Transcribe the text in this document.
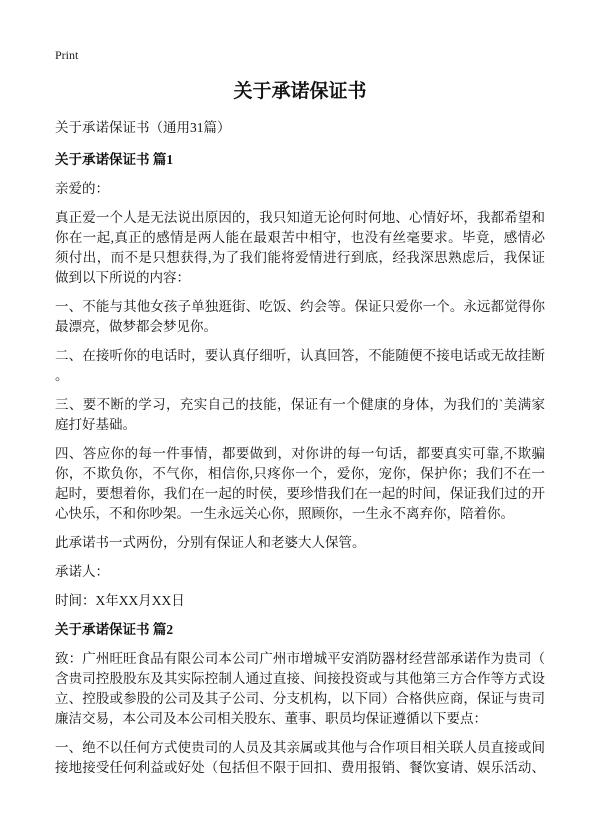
Print
关于承诺保证书
关于承诺保证书（通用31篇）
关于承诺保证书 篇1
亲爱的：
真正爱一个人是无法说出原因的，我只知道无论何时何地、心情好坏，我都希望和
你在一起,真正的感情是两人能在最艰苦中相守，也没有丝毫要求。毕竟，感情必
须付出，而不是只想获得,为了我们能将爱情进行到底，经我深思熟虑后，我保证
做到以下所说的内容：
一、不能与其他女孩子单独逛街、吃饭、约会等。保证只爱你一个。永远都觉得你
最漂亮，做梦都会梦见你。
二、在接听你的电话时，要认真仔细听，认真回答，不能随便不接电话或无故挂断
。
三、要不断的学习，充实自己的技能，保证有一个健康的身体，为我们的`美满家
庭打好基础。
四、答应你的每一件事情，都要做到，对你讲的每一句话，都要真实可靠,不欺骗
你，不欺负你，不气你，相信你,只疼你一个，爱你，宠你，保护你；我们不在一
起时，要想着你，我们在一起的时侯，要珍惜我们在一起的时间，保证我们过的开
心快乐，不和你吵架。一生永远关心你，照顾你，一生永不离弃你，陪着你。
此承诺书一式两份，分别有保证人和老婆大人保管。
承诺人：
时间：X年XX月XX日
关于承诺保证书 篇2
致：广州旺旺食品有限公司本公司广州市增城平安消防器材经营部承诺作为贵司（
含贵司控股股东及其实际控制人通过直接、间接投资或与其他第三方合作等方式设
立、控股或参股的公司及其子公司、分支机构，以下同）合格供应商，保证与贵司
廉洁交易，本公司及本公司相关股东、董事、职员均保证遵循以下要点：
一、绝不以任何方式使贵司的人员及其亲属或其他与合作项目相关联人员直接或间
接地接受任何利益或好处（包括但不限于回扣、费用报销、餐饮宴请、娱乐活动、
